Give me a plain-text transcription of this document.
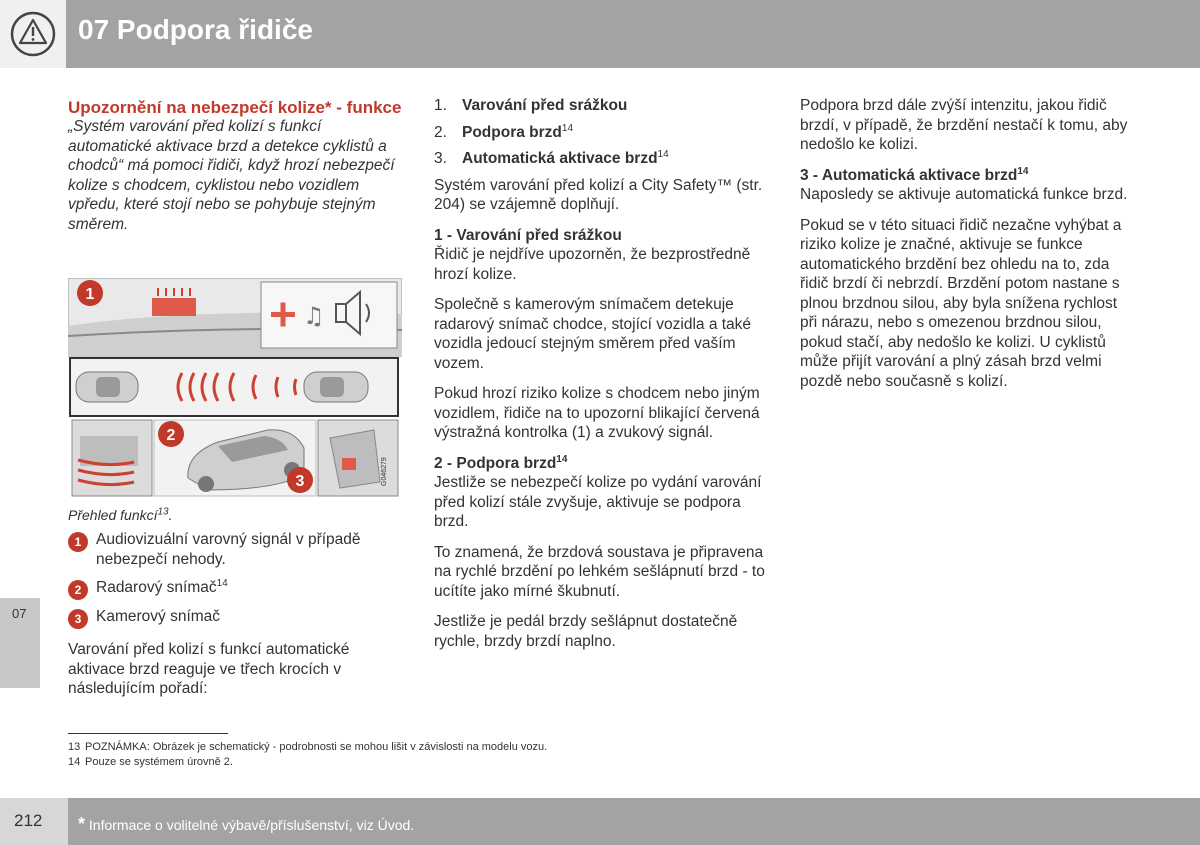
07 Podpora řidiče
07
Upozornění na nebezpečí kolize* - funkce

„Systém varování před kolizí s funkcí automatické aktivace brzd a detekce cyklistů a chodců“ má pomoci řidiči, když hrozí nebezpečí kolize s chodcem, cyklistou nebo vozidlem vpředu, které stojí nebo se pohybuje stejným směrem.

♫
1
G046279
2
3
Přehled funkcí$^{13}$.
1 Audiovizuální varovný signál v případě nebezpečí nehody.
2 Radarový snímač$^{14}$
3 Kamerový snímač
Varování před kolizí s funkcí automatické aktivace brzd reaguje ve třech krocích v následujícím pořadí:
1. Varování před srážkou
2. Podpora brzd$^{14}$
3. Automatická aktivace brzd$^{14}$

Systém varování před kolizí a City Safety™ (str. 204) se vzájemně doplňují.

1 - Varování před srážkou

Řidič je nejdříve upozorněn, že bezprostředně hrozí kolize.

Společně s kamerovým snímačem detekuje radarový snímač chodce, stojící vozidla a také vozidla jedoucí stejným směrem před vaším vozem.

Pokud hrozí riziko kolize s chodcem nebo jiným vozidlem, řidiče na to upozorní blikající červená výstražná kontrolka (1) a zvukový signál.

2 - Podpora brzd$^{14}$

Jestliže se nebezpečí kolize po vydání varování před kolizí stále zvyšuje, aktivuje se podpora brzd.

To znamená, že brzdová soustava je připravena na rychlé brzdění po lehkém sešlápnutí brzd - to ucítíte jako mírné škubnutí.

Jestliže je pedál brzdy sešlápnut dostatečně rychle, brzdy brzdí naplno.

Podpora brzd dále zvýší intenzitu, jakou řidič brzdí, v případě, že brzdění nestačí k tomu, aby nedošlo ke kolizi.

3 - Automatická aktivace brzd$^{14}$

Naposledy se aktivuje automatická funkce brzd.

Pokud se v této situaci řidič nezačne vyhýbat a riziko kolize je značné, aktivuje se funkce automatického brzdění bez ohledu na to, zda řidič brzdí či nebrzdí. Brzdění potom nastane s plnou brzdnou silou, aby byla snížena rychlost při nárazu, nebo s omezenou brzdnou silou, pokud stačí, aby nedošlo ke kolizi. U cyklistů může přijít varování a plný zásah brzd velmi pozdě nebo současně s kolizí.

13 POZNÁMKA: Obrázek je schematický - podrobnosti se mohou lišit v závislosti na modelu vozu.
14 Pouze se systémem úrovně 2.
212 * Informace o volitelné výbavě/příslušenství, viz Úvod.
